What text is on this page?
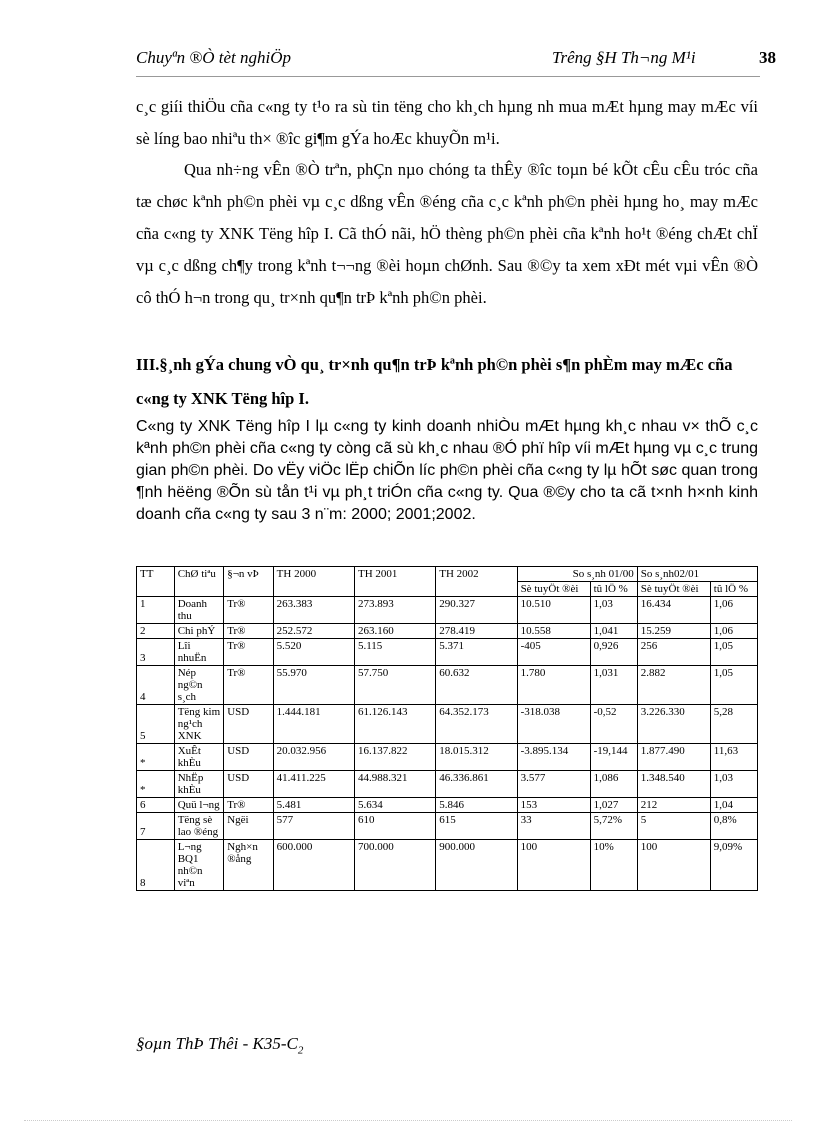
Chuyªn ®Ò tèt nghiÖp	Trêng §H Th¬ng M¹i	38
c¸c giíi thiÖu cña c«ng ty t¹o ra sù tin tëng cho kh¸ch hµng nh mua mÆt hµng may mÆc víi sè líng bao nhiªu th× ®îc gi¶m gÝa hoÆc khuyÕn m¹i.
Qua nh÷ng vÊn ®Ò trªn, phÇn nµo chóng ta thÊy ®îc toµn bé kÕt cÊu cÊu tróc cña tæ chøc kªnh ph©n phèi vµ c¸c dßng vÊn ®éng cña c¸c kªnh ph©n phèi hµng ho¸ may mÆc cña c«ng ty XNK Tëng hîp I. Cã thÓ nãi, hÖ thèng ph©n phèi cña kªnh ho¹t ®éng chÆt chÏ vµ c¸c dßng ch¶y trong kªnh t¬¬ng ®èi hoµn chØnh. Sau ®©y ta xem xÐt mét vµi vÊn ®Ò cô thÓ h¬n trong qu¸ tr×nh qu¶n trÞ kªnh ph©n phèi.
III.§¸nh gÝa chung vÒ qu¸ tr×nh qu¶n trÞ kªnh ph©n phèi s¶n phÈm may mÆc cña c«ng ty XNK Tëng hîp I.
C«ng ty XNK Tëng hîp I lµ c«ng ty kinh doanh nhiÒu mÆt hµng kh¸c nhau v× thÕ c¸c kªnh ph©n phèi cña c«ng ty còng cã sù kh¸c nhau ®Ó phï hîp víi mÆt hµng vµ c¸c trung gian ph©n phèi. Do vËy viÖc lËp chiÕn líc ph©n phèi cña c«ng ty lµ hÕt søc quan trong ¶nh hëëng ®Õn sù tån t¹i vµ ph¸t triÓn cña c«ng ty. Qua ®©y cho ta cã t×nh h×nh kinh doanh cña c«ng ty sau 3 n¨m: 2000; 2001;2002.
TT	ChØ tiªu	§¬n vÞ	TH 2000	TH 2001	TH 2002	So s¸nh 01/00		So s¸nh02/01	
						Sè tuyÖt ®èi	tû lÖ %	Sè tuyÖt ®èi	tû lÖ %
1	Doanh thu	Tr®	263.383	273.893	290.327	10.510	1,03	16.434	1,06
2	Chi phÝ	Tr®	252.572	263.160	278.419	10.558	1,041	15.259	1,06
3	Lîi nhuËn	Tr®	5.520	5.115	5.371	-405	0,926	256	1,05
4	Nép ng©n s¸ch	Tr®	55.970	57.750	60.632	1.780	1,031	2.882	1,05
5	Tëng kim ng¹ch XNK	USD	1.444.181	61.126.143	64.352.173	-318.038	-0,52	3.226.330	5,28
*	XuÊt khÈu	USD	20.032.956	16.137.822	18.015.312	-3.895.134	-19,144	1.877.490	11,63
*	NhËp khÈu	USD	41.411.225	44.988.321	46.336.861	3.577	1,086	1.348.540	1,03
6	Quü l¬ng	Tr®	5.481	5.634	5.846	153	1,027	212	1,04
7	Tëng sè lao ®éng	Ngëi	577	610	615	33	5,72%	5	0,8%
8	L¬ng BQ1 nh©n viªn	Ngh×n ®ång	600.000	700.000	900.000	100	10%	100	9,09%
§oµn ThÞ Thêi - $K35-C_2$
